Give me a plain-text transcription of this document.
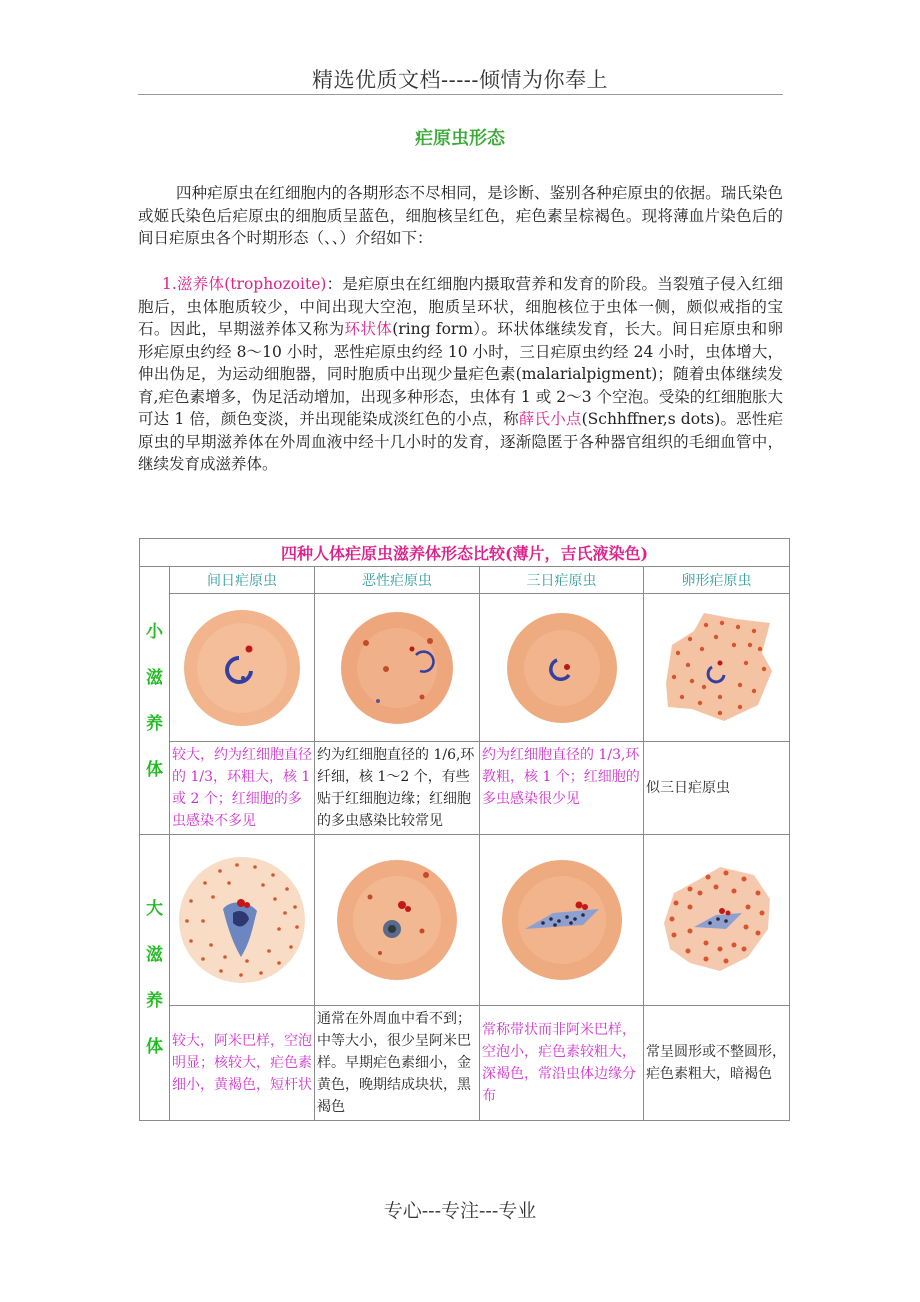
精选优质文档-----倾情为你奉上
疟原虫形态
四种疟原虫在红细胞内的各期形态不尽相同，是诊断、鉴别各种疟原虫的依据。瑞氏染色或姬氏染色后疟原虫的细胞质呈蓝色，细胞核呈红色，疟色素呈棕褐色。现将薄血片染色后的间日疟原虫各个时期形态（、、）介绍如下：
1.滋养体(trophozoite)：是疟原虫在红细胞内摄取营养和发育的阶段。当裂殖子侵入红细胞后，虫体胞质较少，中间出现大空泡，胞质呈环状，细胞核位于虫体一侧，颇似戒指的宝石。因此，早期滋养体又称为环状体(ring form）。环状体继续发育，长大。间日疟原虫和卵形疟原虫约经 8～10 小时，恶性疟原虫约经 10 小时，三日疟原虫约经 24 小时，虫体增大，伸出伪足，为运动细胞器，同时胞质中出现少量疟色素(malarialpigment)；随着虫体继续发育,疟色素增多，伪足活动增加，出现多种形态，虫体有 1 或 2～3 个空泡。受染的红细胞胀大可达 1 倍，颜色变淡，并出现能染成淡红色的小点，称薛氏小点(Schhffner,s dots)。恶性疟原虫的早期滋养体在外周血液中经十几小时的发育，逐渐隐匿于各种器官组织的毛细血管中，继续发育成滋养体。
四种人体疟原虫滋养体形态比较(薄片，吉氏液染色)				

小
滋
养
体	间日疟原虫	恶性疟原虫	三日疟原虫	卵形疟原虫

	较大，约为红细胞直径的 1/3，环粗大，核 1 或 2 个；红细胞的多虫感染不多见	约为红细胞直径的 1/6,环纤细，核 1～2 个，有些贴于红细胞边缘；红细胞的多虫感染比较常见	约为红细胞直径的 1/3,环教粗，核 1 个；红细胞的多虫感染很少见	似三日疟原虫

大
滋
养
体

	较大，阿米巴样，空泡明显；核较大，疟色素细小，黄褐色，短杆状	通常在外周血中看不到；中等大小，很少呈阿米巴样。早期疟色素细小，金黄色，晚期结成块状，黑褐色	常称带状而非阿米巴样，空泡小，疟色素较粗大，深褐色，常沿虫体边缘分布	常呈圆形或不整圆形，疟色素粗大，暗褐色
专心---专注---专业
